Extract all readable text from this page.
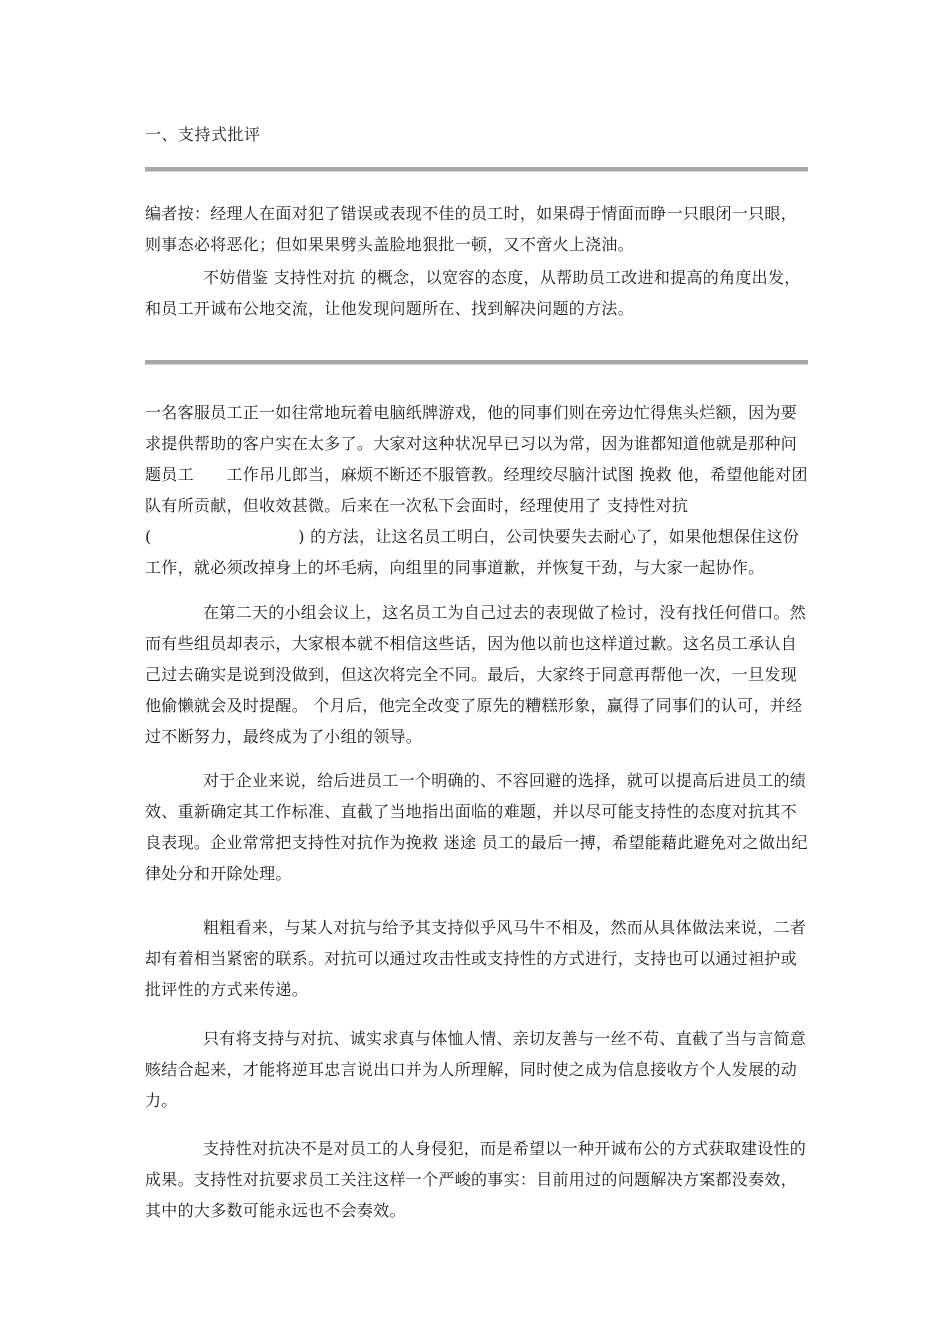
一、支持式批评

编者按：经理人在面对犯了错误或表现不佳的员工时，如果碍于情面而睁一只眼闭一只眼，则事态必将恶化；但如果果劈头盖脸地狠批一顿，又不啻火上浇油。

不妨借鉴 支持性对抗 的概念，以宽容的态度，从帮助员工改进和提高的角度出发，和员工开诚布公地交流，让他发现问题所在、找到解决问题的方法。

一名客服员工正一如往常地玩着电脑纸牌游戏，他的同事们则在旁边忙得焦头烂额，因为要求提供帮助的客户实在太多了。大家对这种状况早已习以为常，因为谁都知道他就是那种问题员工　　工作吊儿郎当，麻烦不断还不服管教。经理绞尽脑汁试图 挽救 他，希望他能对团队有所贡献，但收效甚微。后来在一次私下会面时，经理使用了 支持性对抗(　　　　　　　　　) 的方法，让这名员工明白，公司快要失去耐心了，如果他想保住这份工作，就必须改掉身上的坏毛病，向组里的同事道歉，并恢复干劲，与大家一起协作。

在第二天的小组会议上，这名员工为自己过去的表现做了检讨，没有找任何借口。然而有些组员却表示，大家根本就不相信这些话，因为他以前也这样道过歉。这名员工承认自己过去确实是说到没做到，但这次将完全不同。最后，大家终于同意再帮他一次，一旦发现他偷懒就会及时提醒。 个月后，他完全改变了原先的糟糕形象，赢得了同事们的认可，并经过不断努力，最终成为了小组的领导。

对于企业来说，给后进员工一个明确的、不容回避的选择，就可以提高后进员工的绩效、重新确定其工作标准、直截了当地指出面临的难题，并以尽可能支持性的态度对抗其不良表现。企业常常把支持性对抗作为挽救 迷途 员工的最后一搏，希望能藉此避免对之做出纪律处分和开除处理。

粗粗看来，与某人对抗与给予其支持似乎风马牛不相及，然而从具体做法来说，二者却有着相当紧密的联系。对抗可以通过攻击性或支持性的方式进行，支持也可以通过袒护或批评性的方式来传递。

只有将支持与对抗、诚实求真与体恤人情、亲切友善与一丝不苟、直截了当与言简意赅结合起来，才能将逆耳忠言说出口并为人所理解，同时使之成为信息接收方个人发展的动力。

支持性对抗决不是对员工的人身侵犯，而是希望以一种开诚布公的方式获取建设性的成果。支持性对抗要求员工关注这样一个严峻的事实：目前用过的问题解决方案都没奏效，其中的大多数可能永远也不会奏效。
